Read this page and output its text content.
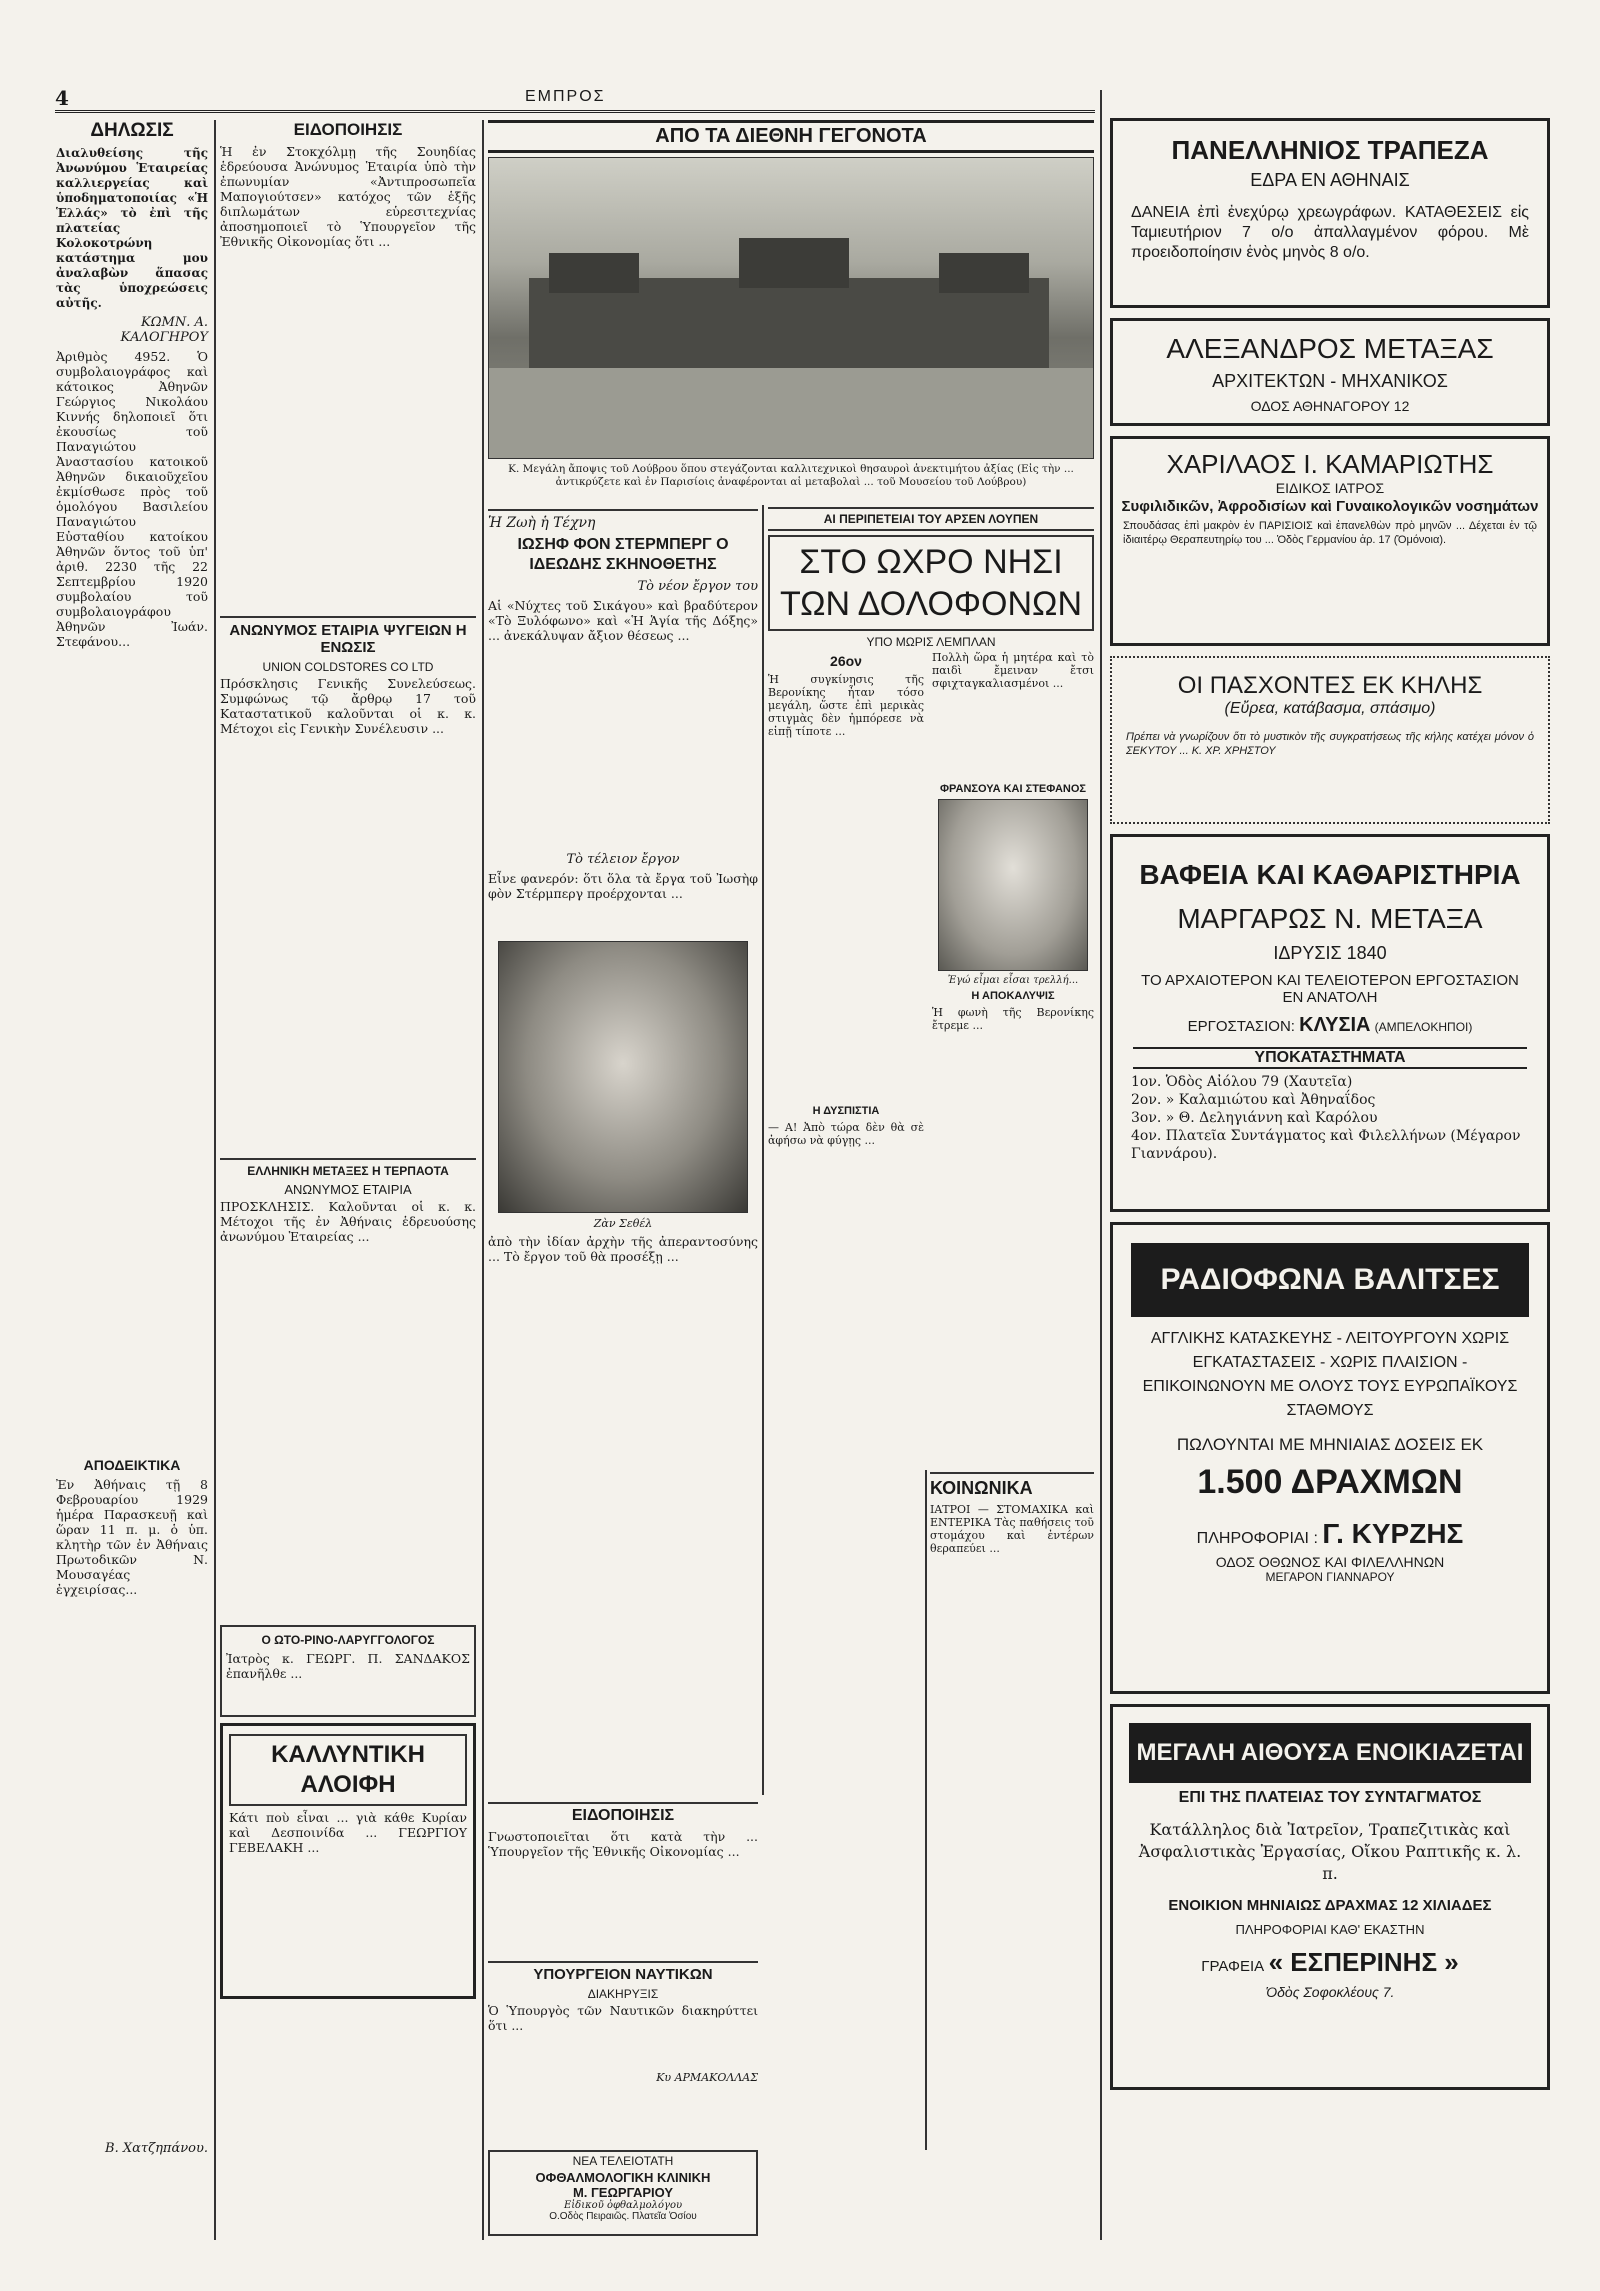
4	ΕΜΠΡΟΣ
ΔΗΛΩΣΙΣ

Διαλυθείσης τῆς Ἀνωνύμου Ἑταιρείας καλλιεργείας καὶ ὑποδηματοποιίας «Ἡ Ἑλλάς» τὸ ἐπὶ τῆς πλατείας Κολοκοτρώνη κατάστημα μου ἀναλαβὼν ἅπασας τὰς ὑποχρεώσεις αὐτῆς.

ΚΩΜΝ. Α. ΚΑΛΟΓΗΡΟΥ

Ἀριθμὸς 4952. Ὁ συμβολαιογράφος καὶ κάτοικος Ἀθηνῶν Γεώργιος Νικολάου Κιννής δηλοποιεῖ ὅτι ἐκουσίως τοῦ Παναγιώτου Ἀναστασίου κατοικοῦ Ἀθηνῶν δικαιοῦχεῖου ἐκμίσθωσε πρὸς τοῦ ὁμολόγου Βασιλείου Παναγιώτου Εὐσταθίου κατοίκου Ἀθηνῶν ὅντος τοῦ ὑπ' ἀριθ. 2230 τῆς 22 Σεπτεμβρίου 1920 συμβολαίου τοῦ συμβολαιογράφου Ἀθηνῶν Ἰωάν. Στεφάνου...

ΑΠΟΔΕΙΚΤΙΚΑ

Ἐν Ἀθήναις τῇ 8 Φεβρουαρίου 1929 ἡμέρα Παρασκευῇ καὶ ὥραν 11 π. μ. ὁ ὑπ. κλητὴρ τῶν ἐν Ἀθήναις Πρωτοδικῶν Ν. Μουσαγέας ἐγχειρίσας...

Β. Χατζηπάνου.
ΕΙΔΟΠΟΙΗΣΙΣ

Ἡ ἐν Στοκχόλμῃ τῆς Σουηδίας ἑδρεύουσα Ἀνώνυμος Ἑταιρία ὑπὸ τὴν ἐπωνυμίαν «Ἀντιπροσωπεῖα Μαπογιούτσεν» κατόχος τῶν ἑξῆς διπλωμάτων εὑρεσιτεχνίας ἀποσημοποιεῖ τὸ Ὑπουργεῖον τῆς Ἐθνικῆς Οἰκονομίας ὅτι ...

ΑΝΩΝΥΜΟΣ ΕΤΑΙΡΙΑ ΨΥΓΕΙΩΝ Η ΕΝΩΣΙΣ
UNION COLDSTORES CO LTD

Πρόσκλησις Γενικῆς Συνελεύσεως. Συμφώνως τῷ ἄρθρῳ 17 τοῦ Καταστατικοῦ καλοῦνται οἱ κ. κ. Μέτοχοι εἰς Γενικὴν Συνέλευσιν ...

ΕΛΛΗΝΙΚΗ ΜΕΤΑΞΕΣ Η ΤΕΡΠΑΟΤΑ
ΑΝΩΝΥΜΟΣ ΕΤΑΙΡΙΑ

ΠΡΟΣΚΛΗΣΙΣ. Καλοῦνται οἱ κ. κ. Μέτοχοι τῆς ἐν Ἀθήναις ἑδρευούσης ἀνωνύμου Ἑταιρείας ...

Ο ΩΤΟ-ΡΙΝΟ-ΛΑΡΥΓΓΟΛΟΓΟΣ

Ἰατρὸς κ. ΓΕΩΡΓ. Π. ΣΑΝΔΑΚΟΣ ἐπανῆλθε ...

ΚΑΛΛΥΝΤΙΚΗ ΑΛΟΙΦΗ

Κάτι ποὺ εἶναι ... γιὰ κάθε Κυρίαν καὶ Δεσποινίδα ... ΓΕΩΡΓΙΟΥ ΓΕΒΕΛΑΚΗ ...

ΑΠΟ ΤΑ ΔΙΕΘΝΗ ΓΕΓΟΝΟΤΑ

Κ. Μεγάλη ἄποψις τοῦ Λούβρου ὅπου στεγάζονται καλλιτεχνικοὶ θησαυροὶ ἀνεκτιμήτου ἀξίας (Εἰς τὴν ... ἀντικρύζετε καὶ ἐν Παρισίοις ἀναφέρονται αἱ μεταβολαὶ ... τοῦ Μουσείου τοῦ Λούβρου)

Ἡ Ζωὴ ἡ Τέχνη
ΙΩΣΗΦ ΦΟΝ ΣΤΕΡΜΠΕΡΓ Ο ΙΔΕΩΔΗΣ ΣΚΗΝΟΘΕΤΗΣ
Τὸ νέον ἔργον του

Αἱ «Νύχτες τοῦ Σικάγου» καὶ βραδύτερον «Τὸ Ξυλόφωνο» καὶ «Ἡ Ἁγία τῆς Δόξης» ... ἀνεκάλυψαν ἄξιον θέσεως ...

Τὸ τέλειον ἔργον

Εἶνε φανερόν: ὅτι ὅλα τὰ ἔργα τοῦ Ἰωσὴφ φὸν Στέρμπεργ προέρχονται ...

Ζὰν Σεθέλ

ἀπὸ τὴν ἰδίαν ἀρχὴν τῆς ἀπεραντοσύνης ... Τὸ ἔργον τοῦ θὰ προσέξῃ ...

ΑΙ ΠΕΡΙΠΕΤΕΙΑΙ ΤΟΥ ΑΡΣΕΝ ΛΟΥΠΕΝ
ΣΤΟ ΩΧΡΟ ΝΗΣΙ ΤΩΝ ΔΟΛΟΦΟΝΩΝ
ΥΠΟ ΜΩΡΙΣ ΛΕΜΠΛΑΝ
26ον

Ἡ συγκίνησις τῆς Βερονίκης ἦταν τόσο μεγάλη, ὥστε ἐπὶ μερικὰς στιγμὰς δὲν ἠμπόρεσε νὰ εἰπῇ τίποτε ...

Η ΔΥΣΠΙΣΤΙΑ

— Α! Ἀπὸ τώρα δὲν θὰ σὲ ἀφήσω νὰ φύγῃς ...

Πολλὴ ὥρα ἡ μητέρα καὶ τὸ παιδὶ ἔμειναν ἔτσι σφιχταγκαλιασμένοι ...

ΦΡΑΝΣΟΥΑ ΚΑΙ ΣΤΕΦΑΝΟΣ
Ἐγώ εἶμαι εἶσαι τρελλή...
Η ΑΠΟΚΑΛΥΨΙΣ

Ἡ φωνὴ τῆς Βερονίκης ἔτρεμε ...

ΚΟΙΝΩΝΙΚΑ

ΙΑΤΡΟΙ — ΣΤΟΜΑΧΙΚΑ καὶ ΕΝΤΕΡΙΚΑ Τὰς παθήσεις τοῦ στομάχου καὶ ἐντέρων θεραπεύει ...

ΕΙΔΟΠΟΙΗΣΙΣ

Γνωστοποιεῖται ὅτι κατὰ τὴν ... Ὑπουργεῖον τῆς Ἐθνικῆς Οἰκονομίας ...

ΥΠΟΥΡΓΕΙΟΝ ΝΑΥΤΙΚΩΝ
ΔΙΑΚΗΡΥΞΙΣ

Ὁ Ὑπουργὸς τῶν Ναυτικῶν διακηρύττει ὅτι ...

Κυ ΑΡΜΑΚΟΛΛΑΣ
ΝΕΑ ΤΕΛΕΙΟΤΑΤΗ
ΟΦΘΑΛΜΟΛΟΓΙΚΗ ΚΛΙΝΙΚΗ
Μ. ΓΕΩΡΓΑΡΙΟΥ
Εἰδικοῦ ὀφθαλμολόγου
Ο.Οδὸς Πειραιῶς. Πλατεῖα Ὁσίου
ΠΑΝΕΛΛΗΝΙΟΣ ΤΡΑΠΕΖΑ
ΕΔΡΑ ΕΝ ΑΘΗΝΑΙΣ

ΔΑΝΕΙΑ ἐπὶ ἐνεχύρῳ χρεωγράφων. ΚΑΤΑΘΕΣΕΙΣ εἰς Ταμιευτήριον 7 ο/ο ἀπαλλαγμένον φόρου. Μὲ προειδοποίησιν ἑνὸς μηνὸς 8 ο/ο.

ΑΛΕΞΑΝΔΡΟΣ ΜΕΤΑΞΑΣ
ΑΡΧΙΤΕΚΤΩΝ - ΜΗΧΑΝΙΚΟΣ
ΟΔΟΣ ΑΘΗΝΑΓΟΡΟΥ 12
ΧΑΡΙΛΑΟΣ Ι. ΚΑΜΑΡΙΩΤΗΣ
ΕΙΔΙΚΟΣ ΙΑΤΡΟΣ
Συφιλιδικῶν, Ἀφροδισίων καὶ Γυναικολογικῶν νοσημάτων

Σπουδάσας ἐπὶ μακρὸν ἐν ΠΑΡΙΣΙΟΙΣ καὶ ἐπανελθὼν πρὸ μηνῶν ... Δέχεται ἐν τῷ ἰδιαιτέρῳ Θεραπευτηρίῳ του ... Ὁδὸς Γερμανίου ἀρ. 17 (Ὁμόνοια).

ΟΙ ΠΑΣΧΟΝΤΕΣ ΕΚ ΚΗΛΗΣ
(Εὔρεα, κατάβασμα, σπάσιμο)

Πρέπει νὰ γνωρίζουν ὅτι τὸ μυστικὸν τῆς συγκρατήσεως τῆς κήλης κατέχει μόνον ὁ ΣΕΚΥΤΟΥ ... Κ. ΧΡ. ΧΡΗΣΤΟΥ

ΒΑΦΕΙΑ ΚΑΙ ΚΑΘΑΡΙΣΤΗΡΙΑ
ΜΑΡΓΑΡΩΣ Ν. ΜΕΤΑΞΑ
ΙΔΡΥΣΙΣ 1840
ΤΟ ΑΡΧΑΙΟΤΕΡΟΝ ΚΑΙ ΤΕΛΕΙΟΤΕΡΟΝ ΕΡΓΟΣΤΑΣΙΟΝ ΕΝ ΑΝΑΤΟΛΗ
ΕΡΓΟΣΤΑΣΙΟΝ: ΚΛΥΣΙΑ (ΑΜΠΕΛΟΚΗΠΟΙ)
ΥΠΟΚΑΤΑΣΤΗΜΑΤΑ
1ον. Ὁδὸς Αἰόλου 79 (Χαυτεῖα)
2ον. » Καλαμιώτου καὶ Ἀθηναΐδος
3ον. » Θ. Δεληγιάννη καὶ Καρόλου
4ον. Πλατεῖα Συντάγματος καὶ Φιλελλήνων (Μέγαρον Γιαννάρου).
ΡΑΔΙΟΦΩΝΑ ΒΑΛΙΤΣΕΣ

ΑΓΓΛΙΚΗΣ ΚΑΤΑΣΚΕΥΗΣ - ΛΕΙΤΟΥΡΓΟΥΝ ΧΩΡΙΣ ΕΓΚΑΤΑΣΤΑΣΕΙΣ - ΧΩΡΙΣ ΠΛΑΙΣΙΟΝ - ΕΠΙΚΟΙΝΩΝΟΥΝ ΜΕ ΟΛΟΥΣ ΤΟΥΣ ΕΥΡΩΠΑΪΚΟΥΣ ΣΤΑΘΜΟΥΣ

ΠΩΛΟΥΝΤΑΙ ΜΕ ΜΗΝΙΑΙΑΣ ΔΟΣΕΙΣ ΕΚ
1.500 ΔΡΑΧΜΩΝ
ΠΛΗΡΟΦΟΡΙΑΙ : Γ. ΚΥΡΖΗΣ
ΟΔΟΣ ΟΘΩΝΟΣ ΚΑΙ ΦΙΛΕΛΛΗΝΩΝ
ΜΕΓΑΡΟΝ ΓΙΑΝΝΑΡΟΥ
ΜΕΓΑΛΗ ΑΙΘΟΥΣΑ ΕΝΟΙΚΙΑΖΕΤΑΙ
ΕΠΙ ΤΗΣ ΠΛΑΤΕΙΑΣ ΤΟΥ ΣΥΝΤΑΓΜΑΤΟΣ

Κατάλληλος διὰ Ἰατρεῖον, Τραπεζιτικὰς καὶ Ἀσφαλιστικὰς Ἐργασίας, Οἴκου Ραπτικῆς κ. λ. π.

ΕΝΟΙΚΙΟΝ ΜΗΝΙΑΙΩΣ ΔΡΑΧΜΑΣ 12 ΧΙΛΙΑΔΕΣ
ΠΛΗΡΟΦΟΡΙΑΙ ΚΑΘ' ΕΚΑΣΤΗΝ
ΓΡΑΦΕΙΑ « ΕΣΠΕΡΙΝΗΣ »
Ὁδὸς Σοφοκλέους 7.
